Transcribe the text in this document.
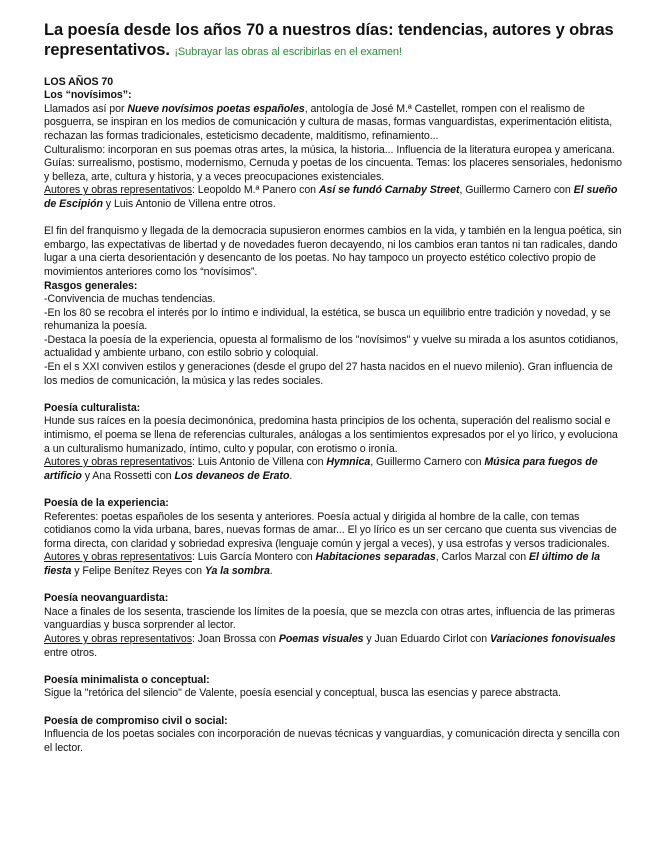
La poesía desde los años 70 a nuestros días: tendencias, autores y obras representativos. ¡Subrayar las obras al escribirlas en el examen!

LOS AÑOS 70

Los “novísimos”:

Llamados así por Nueve novísimos poetas españoles, antología de José M.ª Castellet, rompen con el realismo de posguerra, se inspiran en los medios de comunicación y cultura de masas, formas vanguardistas, experimentación elitista, rechazan las formas tradicionales, esteticismo decadente, malditismo, refinamiento...

Culturalismo: incorporan en sus poemas otras artes, la música, la historia... Influencia de la literatura europea y americana. Guías: surrealismo, postismo, modernismo, Cernuda y poetas de los cincuenta. Temas: los placeres sensoriales, hedonismo y belleza, arte, cultura y historia, y a veces preocupaciones existenciales.

Autores y obras representativos: Leopoldo M.ª Panero con Así se fundó Carnaby Street, Guillermo Carnero con El sueño de Escipión y Luis Antonio de Villena entre otros.

El fin del franquismo y llegada de la democracia supusieron enormes cambios en la vida, y también en la lengua poética, sin embargo, las expectativas de libertad y de novedades fueron decayendo, ni los cambios eran tantos ni tan radicales, dando lugar a una cierta desorientación y desencanto de los poetas. No hay tampoco un proyecto estético colectivo propio de movimientos anteriores como los “novísimos”.

Rasgos generales:

-Convivencia de muchas tendencias.

-En los 80 se recobra el interés por lo íntimo e individual, la estética, se busca un equilibrio entre tradición y novedad, y se rehumaniza la poesía.

-Destaca la poesía de la experiencia, opuesta al formalismo de los "novísimos" y vuelve su mirada a los asuntos cotidianos, actualidad y ambiente urbano, con estilo sobrio y coloquial.

-En el s XXI conviven estilos y generaciones (desde el grupo del 27 hasta nacidos en el nuevo milenio). Gran influencia de los medios de comunicación, la música y las redes sociales.

Poesía culturalista:

Hunde sus raíces en la poesía decimonónica, predomina hasta principios de los ochenta, superación del realismo social e intimismo, el poema se llena de referencias culturales, análogas a los sentimientos expresados por el yo lírico, y evoluciona a un culturalismo humanizado, íntimo, culto y popular, con erotismo o ironía.

Autores y obras representativos: Luis Antonio de Villena con Hymnica, Guillermo Carnero con Música para fuegos de artificio y Ana Rossetti con Los devaneos de Erato.

Poesía de la experiencia:

Referentes: poetas españoles de los sesenta y anteriores. Poesía actual y dirigida al hombre de la calle, con temas cotidianos como la vida urbana, bares, nuevas formas de amar... El yo lírico es un ser cercano que cuenta sus vivencias de forma directa, con claridad y sobriedad expresiva (lenguaje común y jergal a veces), y usa estrofas y versos tradicionales.

Autores y obras representativos: Luis García Montero con Habitaciones separadas, Carlos Marzal con El último de la fiesta y Felipe Benítez Reyes con Ya la sombra.

Poesía neovanguardista:

Nace a finales de los sesenta, trasciende los límites de la poesía, que se mezcla con otras artes, influencia de las primeras vanguardias y busca sorprender al lector.

Autores y obras representativos: Joan Brossa con Poemas visuales y Juan Eduardo Cirlot con Variaciones fonovisuales entre otros.

Poesía minimalista o conceptual:

Sigue la "retórica del silencio" de Valente, poesía esencial y conceptual, busca las esencias y parece abstracta.

Poesía de compromiso civil o social:

Influencia de los poetas sociales con incorporación de nuevas técnicas y vanguardias, y comunicación directa y sencilla con el lector.
